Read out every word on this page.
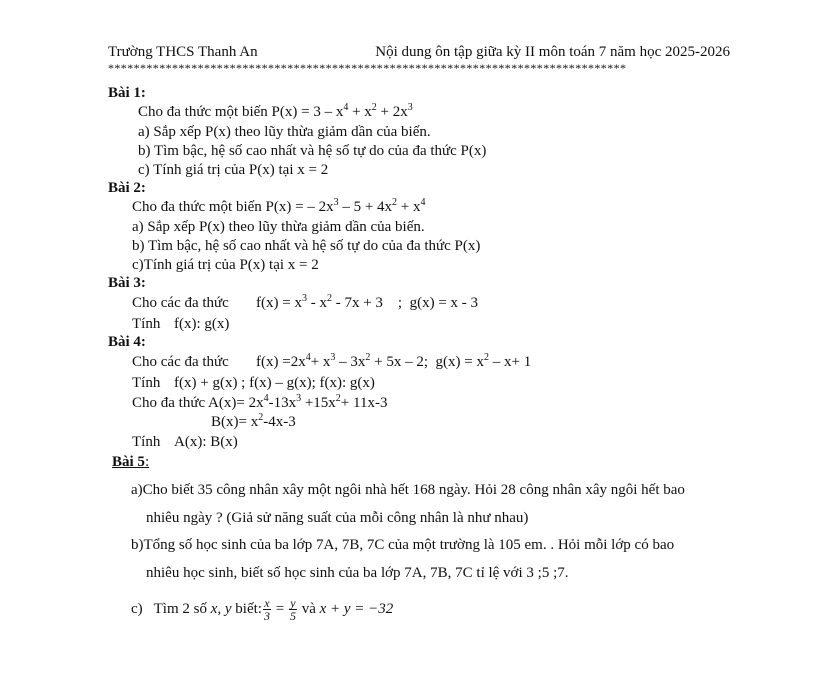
Trường THCS Thanh An	Nội dung ôn tập giữa kỳ II môn toán 7 năm học 2025-2026
*********************************************************************************
Bài 1:
Cho đa thức một biến $P(x) = 3 - x^4 + x^2 + 2x^3$
a) Sắp xếp P(x) theo lũy thừa giảm dần của biến.
b) Tìm bậc, hệ số cao nhất và hệ số tự do của đa thức P(x)
c) Tính giá trị của P(x) tại x = 2
Bài 2:
Cho đa thức một biến P(x) = – $2x^3 - 5 + 4x^2 + x^4$
a) Sắp xếp P(x) theo lũy thừa giảm dần của biến.
b) Tìm bậc, hệ số cao nhất và hệ số tự do của đa thức P(x)
c)Tính giá trị của P(x) tại x = 2
Bài 3:
Cho các đa thức $f(x) = x^3 - x^2 - 7x + 3$    ;  g(x) = x - 3
Tính f(x): g(x)
Bài 4:
Cho các đa thức $f(x) =2x^4+ x^3 - 3x^2 + 5x - 2$;  $g(x) = x^2 - x+ 1$
Tính f(x) + g(x) ; f(x) – g(x); f(x): g(x)
Cho đa thức $A(x)= 2x^4-13x^3 +15x^2+ 11x-3$
$B(x)= x^2-4x-3$
Tính A(x): B(x)
Bài 5:
a)Cho biết 35 công nhân xây một ngôi nhà hết 168 ngày. Hỏi 28 công nhân xây ngôi hết bao
nhiêu ngày ? (Giả sử năng suất của mỗi công nhân là như nhau)
b)Tổng số học sinh của ba lớp 7A, 7B, 7C của một trường là 105 em. . Hỏi mỗi lớp có bao
nhiêu học sinh, biết số học sinh của ba lớp 7A, 7B, 7C tỉ lệ với 3 ;5 ;7.
c)   Tìm 2 số x, y biết: $\frac{x}{3} = \frac{y}{5}$ và x + y = −32
